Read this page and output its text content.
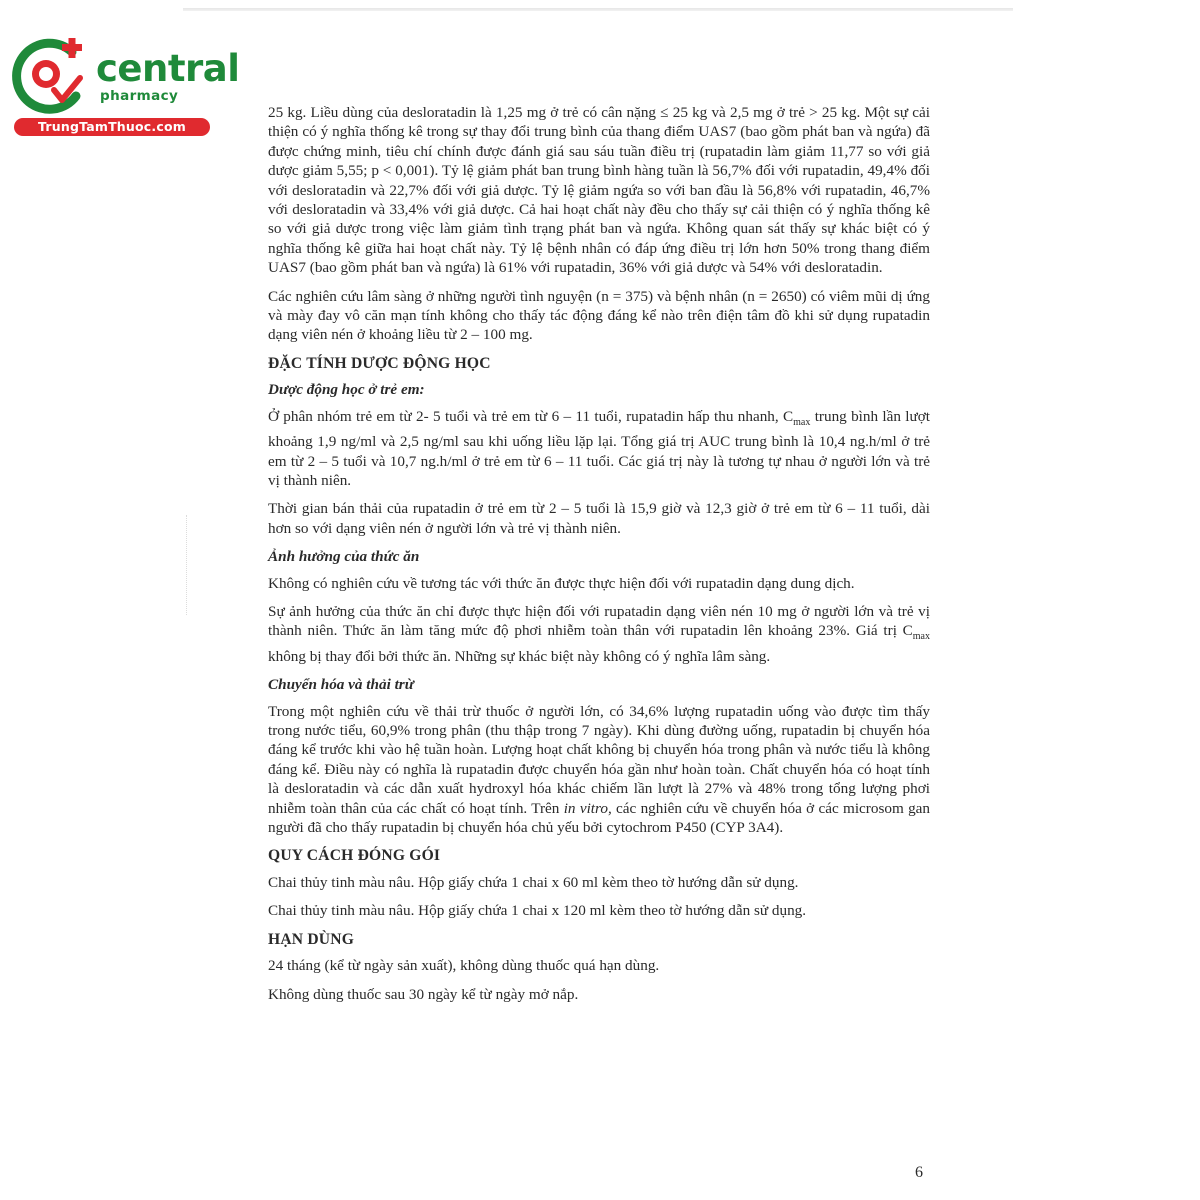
central
pharmacy
TrungTamThuoc.com

25 kg. Liều dùng của desloratadin là 1,25 mg ở trẻ có cân nặng ≤ 25 kg và 2,5 mg ở trẻ > 25 kg. Một sự cải thiện có ý nghĩa thống kê trong sự thay đổi trung bình của thang điểm UAS7 (bao gồm phát ban và ngứa) đã được chứng minh, tiêu chí chính được đánh giá sau sáu tuần điều trị (rupatadin làm giảm 11,77 so với giả dược giảm 5,55; p < 0,001). Tỷ lệ giảm phát ban trung bình hàng tuần là 56,7% đối với rupatadin, 49,4% đối với desloratadin và 22,7% đối với giả dược. Tỷ lệ giảm ngứa so với ban đầu là 56,8% với rupatadin, 46,7% với desloratadin và 33,4% với giả dược. Cả hai hoạt chất này đều cho thấy sự cải thiện có ý nghĩa thống kê so với giả dược trong việc làm giảm tình trạng phát ban và ngứa. Không quan sát thấy sự khác biệt có ý nghĩa thống kê giữa hai hoạt chất này. Tỷ lệ bệnh nhân có đáp ứng điều trị lớn hơn 50% trong thang điểm UAS7 (bao gồm phát ban và ngứa) là 61% với rupatadin, 36% với giả dược và 54% với desloratadin.

Các nghiên cứu lâm sàng ở những người tình nguyện (n = 375) và bệnh nhân (n = 2650) có viêm mũi dị ứng và mày đay vô căn mạn tính không cho thấy tác động đáng kể nào trên điện tâm đồ khi sử dụng rupatadin dạng viên nén ở khoảng liều từ 2 – 100 mg.

ĐẶC TÍNH DƯỢC ĐỘNG HỌC
Dược động học ở trẻ em:

Ở phân nhóm trẻ em từ 2- 5 tuổi và trẻ em từ 6 – 11 tuổi, rupatadin hấp thu nhanh, $C_{max}$ trung bình lần lượt khoảng 1,9 ng/ml và 2,5 ng/ml sau khi uống liều lặp lại. Tổng giá trị AUC trung bình là 10,4 ng.h/ml ở trẻ em từ 2 – 5 tuổi và 10,7 ng.h/ml ở trẻ em từ 6 – 11 tuổi. Các giá trị này là tương tự nhau ở người lớn và trẻ vị thành niên.

Thời gian bán thải của rupatadin ở trẻ em từ 2 – 5 tuổi là 15,9 giờ và 12,3 giờ ở trẻ em từ 6 – 11 tuổi, dài hơn so với dạng viên nén ở người lớn và trẻ vị thành niên.

Ảnh hưởng của thức ăn

Không có nghiên cứu về tương tác với thức ăn được thực hiện đối với rupatadin dạng dung dịch.

Sự ảnh hưởng của thức ăn chỉ được thực hiện đối với rupatadin dạng viên nén 10 mg ở người lớn và trẻ vị thành niên. Thức ăn làm tăng mức độ phơi nhiễm toàn thân với rupatadin lên khoảng 23%. Giá trị $C_{max}$ không bị thay đổi bởi thức ăn. Những sự khác biệt này không có ý nghĩa lâm sàng.

Chuyển hóa và thải trừ

Trong một nghiên cứu về thải trừ thuốc ở người lớn, có 34,6% lượng rupatadin uống vào được tìm thấy trong nước tiểu, 60,9% trong phân (thu thập trong 7 ngày). Khi dùng đường uống, rupatadin bị chuyển hóa đáng kể trước khi vào hệ tuần hoàn. Lượng hoạt chất không bị chuyển hóa trong phân và nước tiểu là không đáng kể. Điều này có nghĩa là rupatadin được chuyển hóa gần như hoàn toàn. Chất chuyển hóa có hoạt tính là desloratadin và các dẫn xuất hydroxyl hóa khác chiếm lần lượt là 27% và 48% trong tổng lượng phơi nhiễm toàn thân của các chất có hoạt tính. Trên in vitro, các nghiên cứu về chuyển hóa ở các microsom gan người đã cho thấy rupatadin bị chuyển hóa chủ yếu bởi cytochrom P450 (CYP 3A4).

QUY CÁCH ĐÓNG GÓI

Chai thủy tinh màu nâu. Hộp giấy chứa 1 chai x 60 ml kèm theo tờ hướng dẫn sử dụng.

Chai thủy tinh màu nâu. Hộp giấy chứa 1 chai x 120 ml kèm theo tờ hướng dẫn sử dụng.

HẠN DÙNG

24 tháng (kể từ ngày sản xuất), không dùng thuốc quá hạn dùng.

Không dùng thuốc sau 30 ngày kể từ ngày mở nắp.

6
